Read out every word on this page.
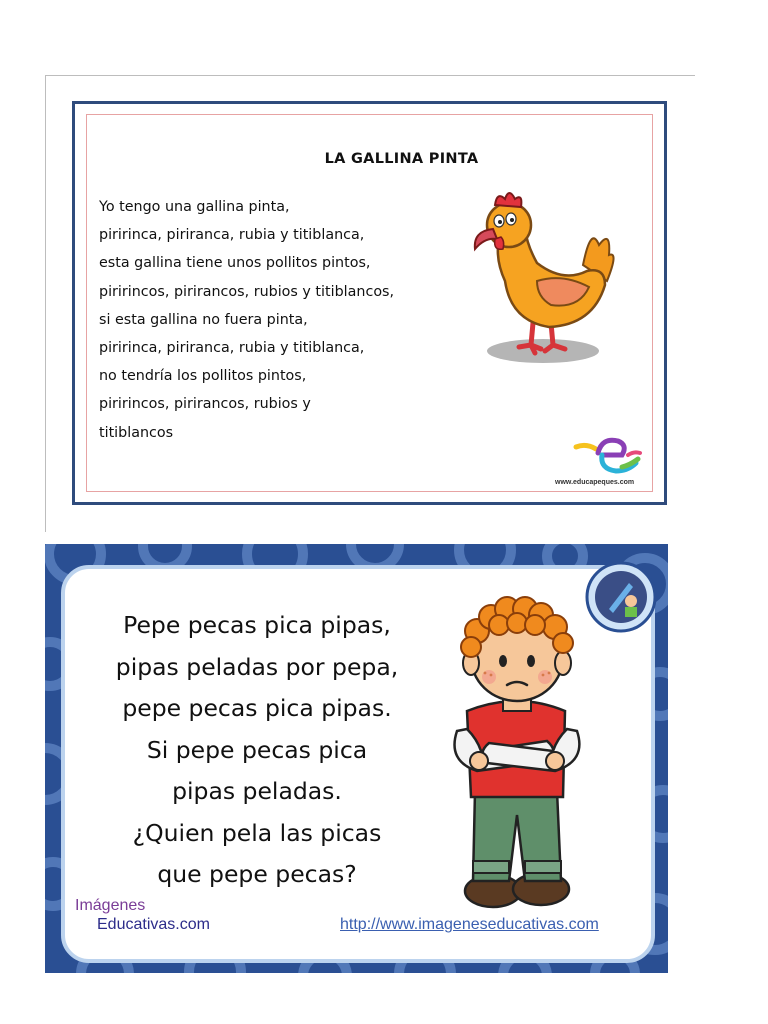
LA GALLINA PINTA
Yo tengo una gallina pinta,
piririnca, piriranca, rubia y titiblanca,
esta gallina tiene unos pollitos pintos,
piririncos, pirirancos, rubios y titiblancos,
si esta gallina no fuera pinta,
piririnca, piriranca, rubia y titiblanca,
no tendría los pollitos pintos,
piririncos, pirirancos, rubios y
titiblancos
www.educapeques.com
Pepe pecas pica pipas,
pipas peladas por pepa,
pepe pecas pica pipas.
Si pepe pecas pica
pipas peladas.
¿Quien pela las picas
que pepe pecas?
Imágenes
Educativas.com	http://www.imageneseducativas.com
